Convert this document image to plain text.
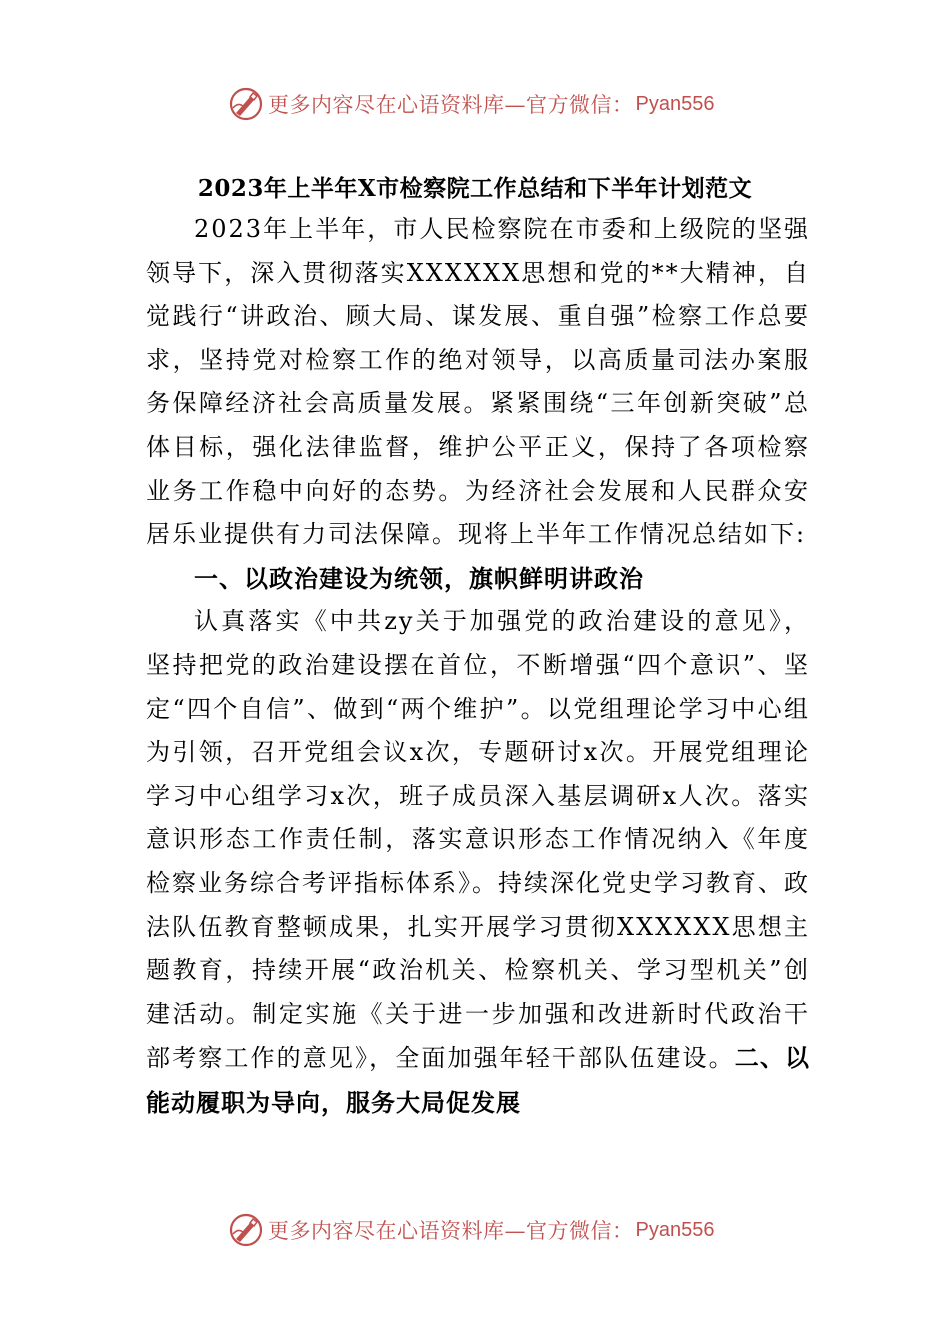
更多内容尽在心语资料库—官方微信： Pyan556
2023年上半年X市检察院工作总结和下半年计划范文

2023年上半年，市人民检察院在市委和上级院的坚强领导下，深入贯彻落实XXXXXX思想和党的**大精神，自觉践行“讲政治、顾大局、谋发展、重自强”检察工作总要求，坚持党对检察工作的绝对领导，以高质量司法办案服务保障经济社会高质量发展。紧紧围绕“三年创新突破”总体目标，强化法律监督，维护公平正义，保持了各项检察业务工作稳中向好的态势。为经济社会发展和人民群众安居乐业提供有力司法保障。现将上半年工作情况总结如下:

一、以政治建设为统领，旗帜鲜明讲政治

认真落实《中共zy关于加强党的政治建设的意见》，坚持把党的政治建设摆在首位，不断增强“四个意识”、坚定“四个自信”、做到“两个维护”。以党组理论学习中心组为引领，召开党组会议x次，专题研讨x次。开展党组理论学习中心组学习x次，班子成员深入基层调研x人次。落实意识形态工作责任制，落实意识形态工作情况纳入《年度检察业务综合考评指标体系》。持续深化党史学习教育、政法队伍教育整顿成果，扎实开展学习贯彻XXXXXX思想主题教育，持续开展“政治机关、检察机关、学习型机关”创建活动。制定实施《关于进一步加强和改进新时代政治干部考察工作的意见》，全面加强年轻干部队伍建设。二、以能动履职为导向，服务大局促发展

更多内容尽在心语资料库—官方微信： Pyan556
